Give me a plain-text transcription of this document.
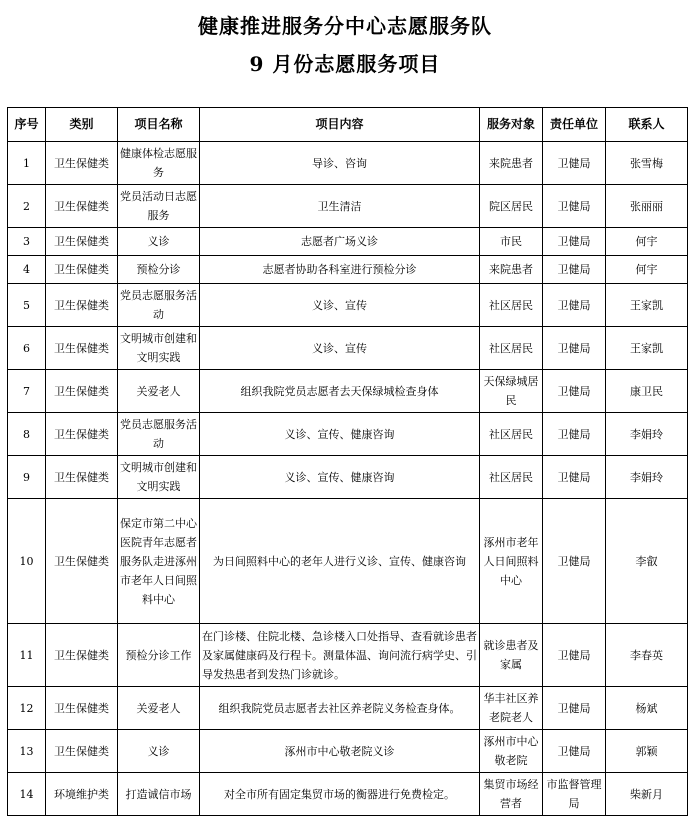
健康推进服务分中心志愿服务队
9 月份志愿服务项目
序号	类别	项目名称	项目内容	服务对象	责任单位	联系人
1	卫生保健类	健康体检志愿服务	导诊、咨询	来院患者	卫健局	张雪梅
2	卫生保健类	党员活动日志愿服务	卫生清洁	院区居民	卫健局	张丽丽
3	卫生保健类	义诊	志愿者广场义诊	市民	卫健局	何宇
4	卫生保健类	预检分诊	志愿者协助各科室进行预检分诊	来院患者	卫健局	何宇
5	卫生保健类	党员志愿服务活动	义诊、宣传	社区居民	卫健局	王家凯
6	卫生保健类	文明城市创建和文明实践	义诊、宣传	社区居民	卫健局	王家凯
7	卫生保健类	关爱老人	组织我院党员志愿者去天保绿城检查身体	天保绿城居民	卫健局	康卫民
8	卫生保健类	党员志愿服务活动	义诊、宣传、健康咨询	社区居民	卫健局	李娟玲
9	卫生保健类	文明城市创建和文明实践	义诊、宣传、健康咨询	社区居民	卫健局	李娟玲
10	卫生保健类	保定市第二中心医院青年志愿者服务队走进涿州市老年人日间照料中心	为日间照料中心的老年人进行义诊、宣传、健康咨询	涿州市老年人日间照料中心	卫健局	李叡
11	卫生保健类	预检分诊工作	在门诊楼、住院北楼、急诊楼入口处指导、查看就诊患者及家属健康码及行程卡。测量体温、询问流行病学史、引导发热患者到发热门诊就诊。	就诊患者及家属	卫健局	李春英
12	卫生保健类	关爱老人	组织我院党员志愿者去社区养老院义务检查身体。	华丰社区养老院老人	卫健局	杨斌
13	卫生保健类	义诊	涿州市中心敬老院义诊	涿州市中心敬老院	卫健局	郭颖
14	环境维护类	打造诚信市场	对全市所有固定集贸市场的衡器进行免费检定。	集贸市场经营者	市监督管理局	柴新月
